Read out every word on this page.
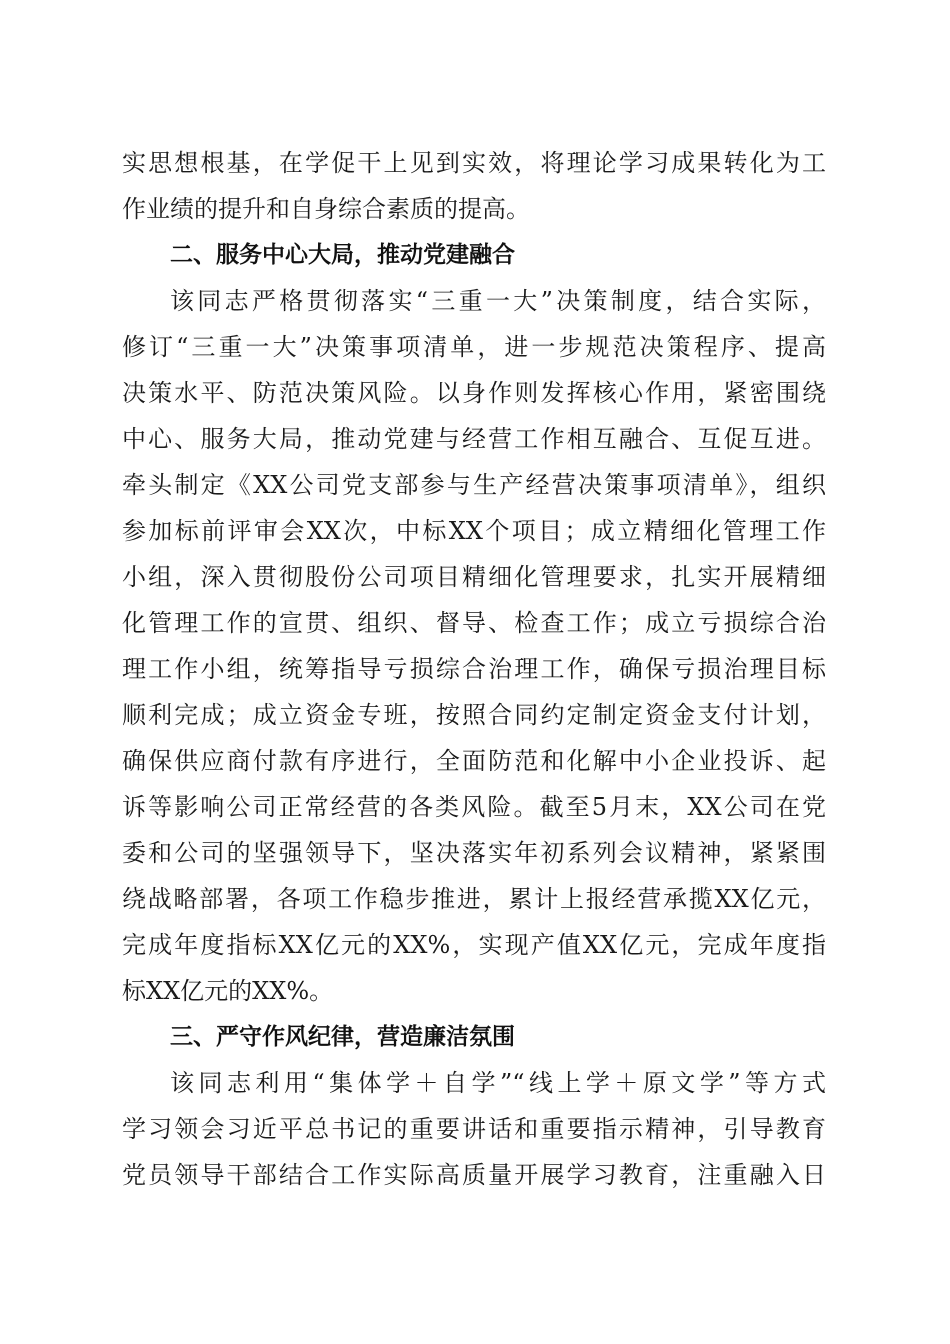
实思想根基，在学促干上见到实效，将理论学习成果转化为工
作业绩的提升和自身综合素质的提高。
二、服务中心大局，推动党建融合
该同志严格贯彻落实“三重一大”决策制度，结合实际，
修订“三重一大”决策事项清单，进一步规范决策程序、提高
决策水平、防范决策风险。以身作则发挥核心作用，紧密围绕
中心、服务大局，推动党建与经营工作相互融合、互促互进。
牵头制定《XX公司党支部参与生产经营决策事项清单》，组织
参加标前评审会XX次，中标XX个项目；成立精细化管理工作
小组，深入贯彻股份公司项目精细化管理要求，扎实开展精细
化管理工作的宣贯、组织、督导、检查工作；成立亏损综合治
理工作小组，统筹指导亏损综合治理工作，确保亏损治理目标
顺利完成；成立资金专班，按照合同约定制定资金支付计划，
确保供应商付款有序进行，全面防范和化解中小企业投诉、起
诉等影响公司正常经营的各类风险。截至5月末，XX公司在党
委和公司的坚强领导下，坚决落实年初系列会议精神，紧紧围
绕战略部署，各项工作稳步推进，累计上报经营承揽XX亿元，
完成年度指标XX亿元的XX%，实现产值XX亿元，完成年度指
标XX亿元的XX%。
三、严守作风纪律，营造廉洁氛围
该同志利用“集体学＋自学”“线上学＋原文学”等方式
学习领会习近平总书记的重要讲话和重要指示精神，引导教育
党员领导干部结合工作实际高质量开展学习教育，注重融入日
